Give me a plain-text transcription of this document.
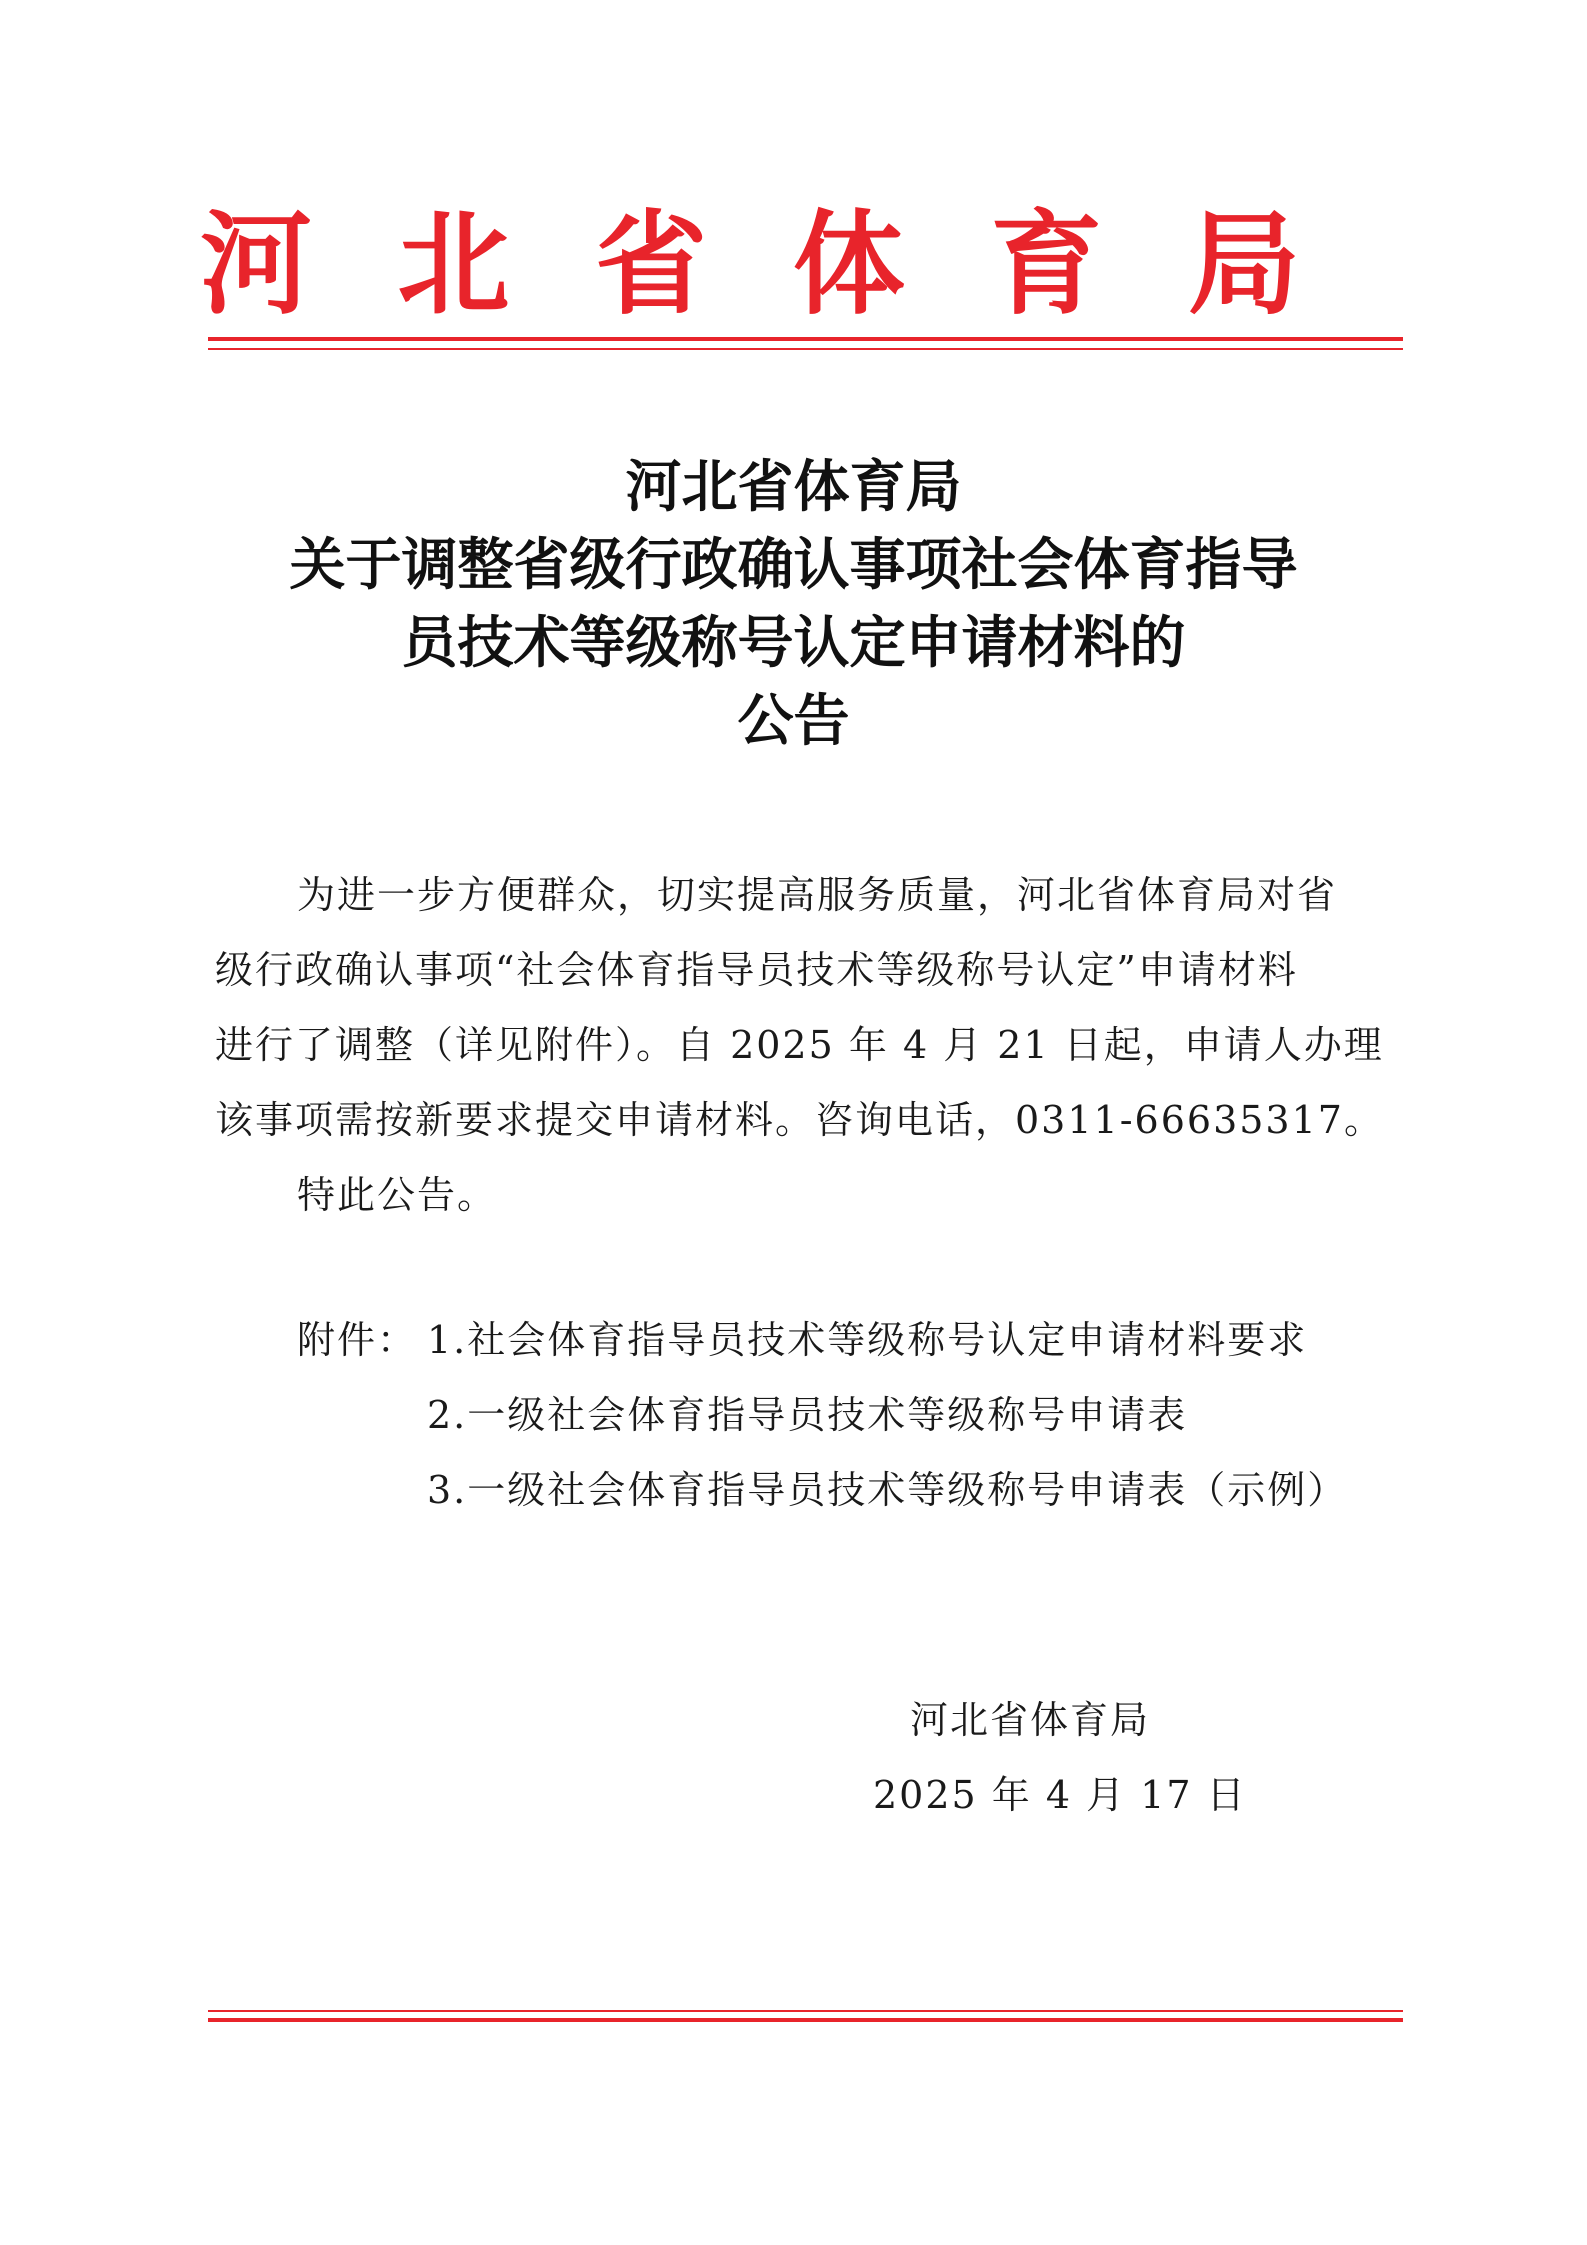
河 北 省 体 育 局
河北省体育局
关于调整省级行政确认事项社会体育指导
员技术等级称号认定申请材料的
公告
为进一步方便群众，切实提高服务质量，河北省体育局对省
级行政确认事项“社会体育指导员技术等级称号认定”申请材料
进行了调整（详见附件）。自 2025 年 4 月 21 日起，申请人办理
该事项需按新要求提交申请材料。咨询电话，0311-66635317。
特此公告。
附件： 1.社会体育指导员技术等级称号认定申请材料要求
2.一级社会体育指导员技术等级称号申请表
3.一级社会体育指导员技术等级称号申请表（示例）
河北省体育局
2025 年 4 月 17 日
